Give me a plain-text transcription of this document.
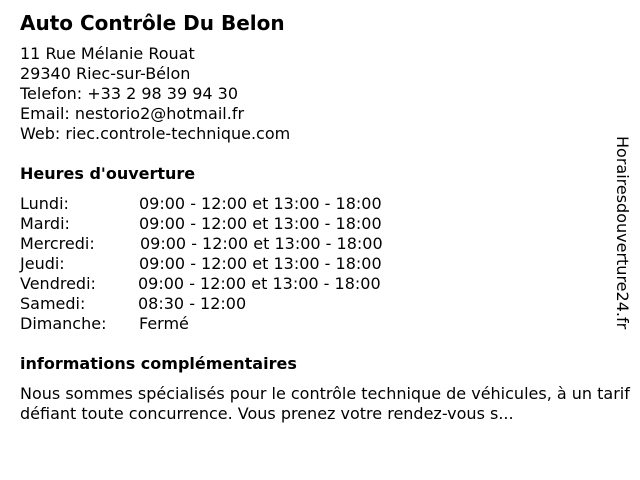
Auto Contrôle Du Belon
11 Rue Mélanie Rouat
29340 Riec-sur-Bélon
Telefon: +33 2 98 39 94 30
Email: nestorio2@hotmail.fr
Web: riec.controle-technique.com
Heures d'ouverture
Lundi:	09:00 - 12:00 et 13:00 - 18:00
Mardi:	09:00 - 12:00 et 13:00 - 18:00
Mercredi:	09:00 - 12:00 et 13:00 - 18:00
Jeudi:	09:00 - 12:00 et 13:00 - 18:00
Vendredi:	09:00 - 12:00 et 13:00 - 18:00
Samedi:	08:30 - 12:00
Dimanche: Fermé
informations complémentaires
Nous sommes spécialisés pour le contrôle technique de véhicules, à un tarif défiant toute concurrence. Vous prenez votre rendez-vous s...
Horairesdouverture24.fr
